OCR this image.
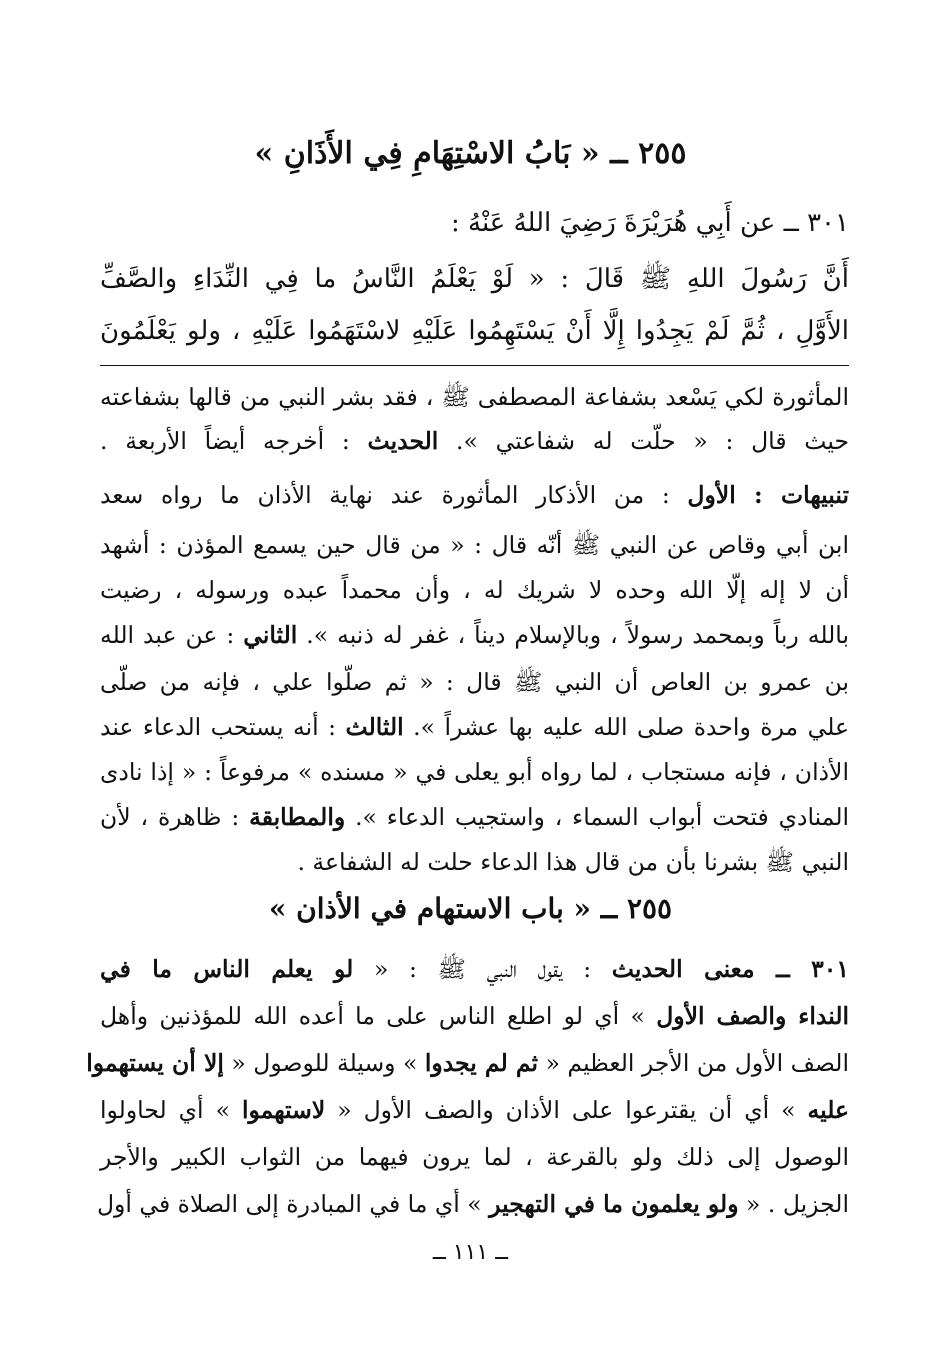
٢٥٥ ــ « بَابُ الاسْتِهَامِ فِي الأَذَانِ »
٣٠١ ــ عن أَبِي هُرَيْرَةَ رَضِيَ اللهُ عَنْهُ :
أَنَّ رَسُولَ اللهِ ﷺ قَالَ : « لَوْ يَعْلَمُ النَّاسُ ما فِي النِّدَاءِ والصَّفِّ
الأَوَّلِ ، ثُمَّ لَمْ يَجِدُوا إِلَّا أَنْ يَسْتَهِمُوا عَلَيْهِ لاسْتَهَمُوا عَلَيْهِ ، ولو يَعْلَمُونَ
المأثورة لكي يَسْعد بشفاعة المصطفى ﷺ ، فقد بشر النبي من قالها بشفاعته
حيث قال : « حلّت له شفاعتي ». الحديث : أخرجه أيضاً الأربعة .
تنبيهات : الأول : من الأذكار المأثورة عند نهاية الأذان ما رواه سعد
ابن أبي وقاص عن النبي ﷺ أنّه قال : « من قال حين يسمع المؤذن : أشهد
أن لا إله إلّا الله وحده لا شريك له ، وأن محمداً عبده ورسوله ، رضيت
بالله رباً وبمحمد رسولاً ، وبالإسلام ديناً ، غفر له ذنبه ». الثاني : عن عبد الله
بن عمرو بن العاص أن النبي ﷺ قال : « ثم صلّوا علي ، فإنه من صلّى
علي مرة واحدة صلى الله عليه بها عشراً ». الثالث : أنه يستحب الدعاء عند
الأذان ، فإنه مستجاب ، لما رواه أبو يعلى في « مسنده » مرفوعاً : « إذا نادى
المنادي فتحت أبواب السماء ، واستجيب الدعاء ». والمطابقة : ظاهرة ، لأن
النبي ﷺ بشرنا بأن من قال هذا الدعاء حلت له الشفاعة .
٢٥٥ ــ « باب الاستهام في الأذان »
٣٠١ ــ معنى الحديث : يقول النبي ﷺ : « لو يعلم الناس ما في
النداء والصف الأول » أي لو اطلع الناس على ما أعده الله للمؤذنين وأهل
الصف الأول من الأجر العظيم « ثم لم يجدوا » وسيلة للوصول « إلا أن يستهموا
عليه » أي أن يقترعوا على الأذان والصف الأول « لاستهموا » أي لحاولوا
الوصول إلى ذلك ولو بالقرعة ، لما يرون فيهما من الثواب الكبير والأجر
الجزيل . « ولو يعلمون ما في التهجير » أي ما في المبادرة إلى الصلاة في أول
ــ ١١١ ــ
